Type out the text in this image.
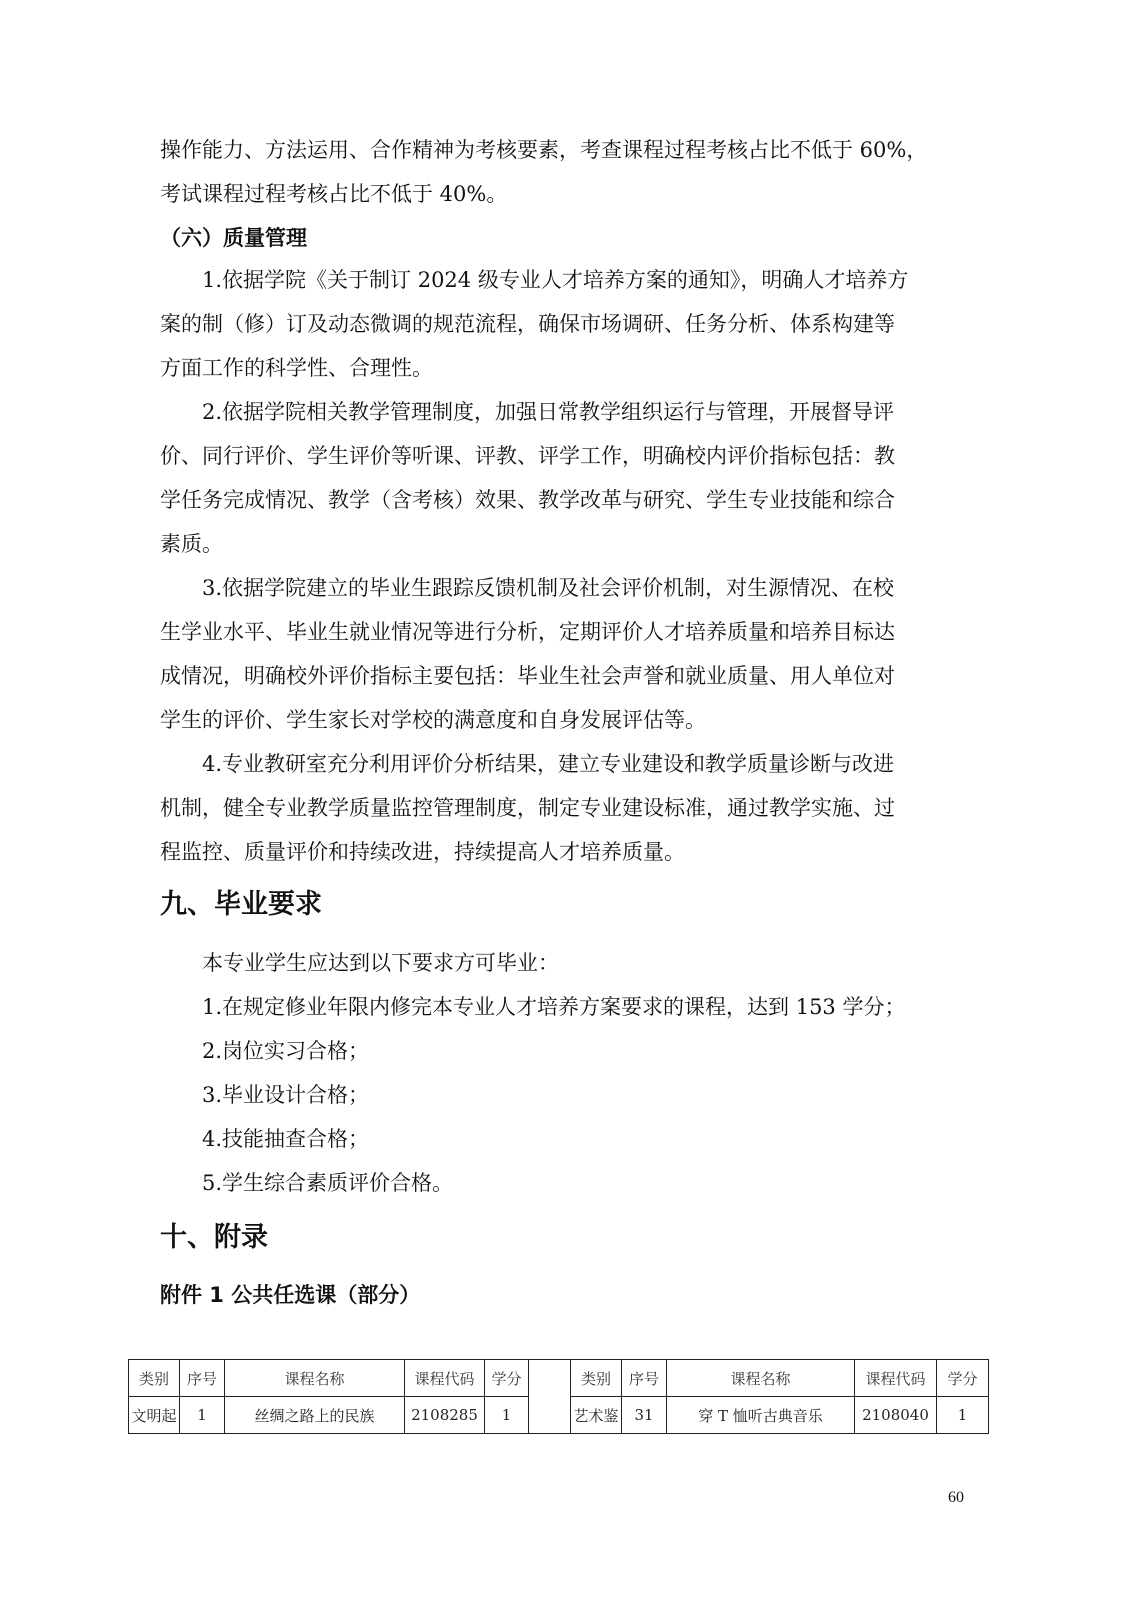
操作能力、方法运用、合作精神为考核要素，考查课程过程考核占比不低于 60%，

考试课程过程考核占比不低于 40%。

（六）质量管理

1.依据学院《关于制订 2024 级专业人才培养方案的通知》，明确人才培养方

案的制（修）订及动态微调的规范流程，确保市场调研、任务分析、体系构建等

方面工作的科学性、合理性。

2.依据学院相关教学管理制度，加强日常教学组织运行与管理，开展督导评

价、同行评价、学生评价等听课、评教、评学工作，明确校内评价指标包括：教

学任务完成情况、教学（含考核）效果、教学改革与研究、学生专业技能和综合

素质。

3.依据学院建立的毕业生跟踪反馈机制及社会评价机制，对生源情况、在校

生学业水平、毕业生就业情况等进行分析，定期评价人才培养质量和培养目标达

成情况，明确校外评价指标主要包括：毕业生社会声誉和就业质量、用人单位对

学生的评价、学生家长对学校的满意度和自身发展评估等。

4.专业教研室充分利用评价分析结果，建立专业建设和教学质量诊断与改进

机制，健全专业教学质量监控管理制度，制定专业建设标准，通过教学实施、过

程监控、质量评价和持续改进，持续提高人才培养质量。

九、毕业要求

本专业学生应达到以下要求方可毕业：

1.在规定修业年限内修完本专业人才培养方案要求的课程，达到 153 学分；

2.岗位实习合格；

3.毕业设计合格；

4.技能抽查合格；

5.学生综合素质评价合格。

十、附录

附件 1 公共任选课（部分）

类别	序号	课程名称	课程代码	学分		类别	序号	课程名称	课程代码	学分
文明起	1	丝绸之路上的民族	2108285	1		艺术鉴	31	穿 T 恤听古典音乐	2108040	1
60
